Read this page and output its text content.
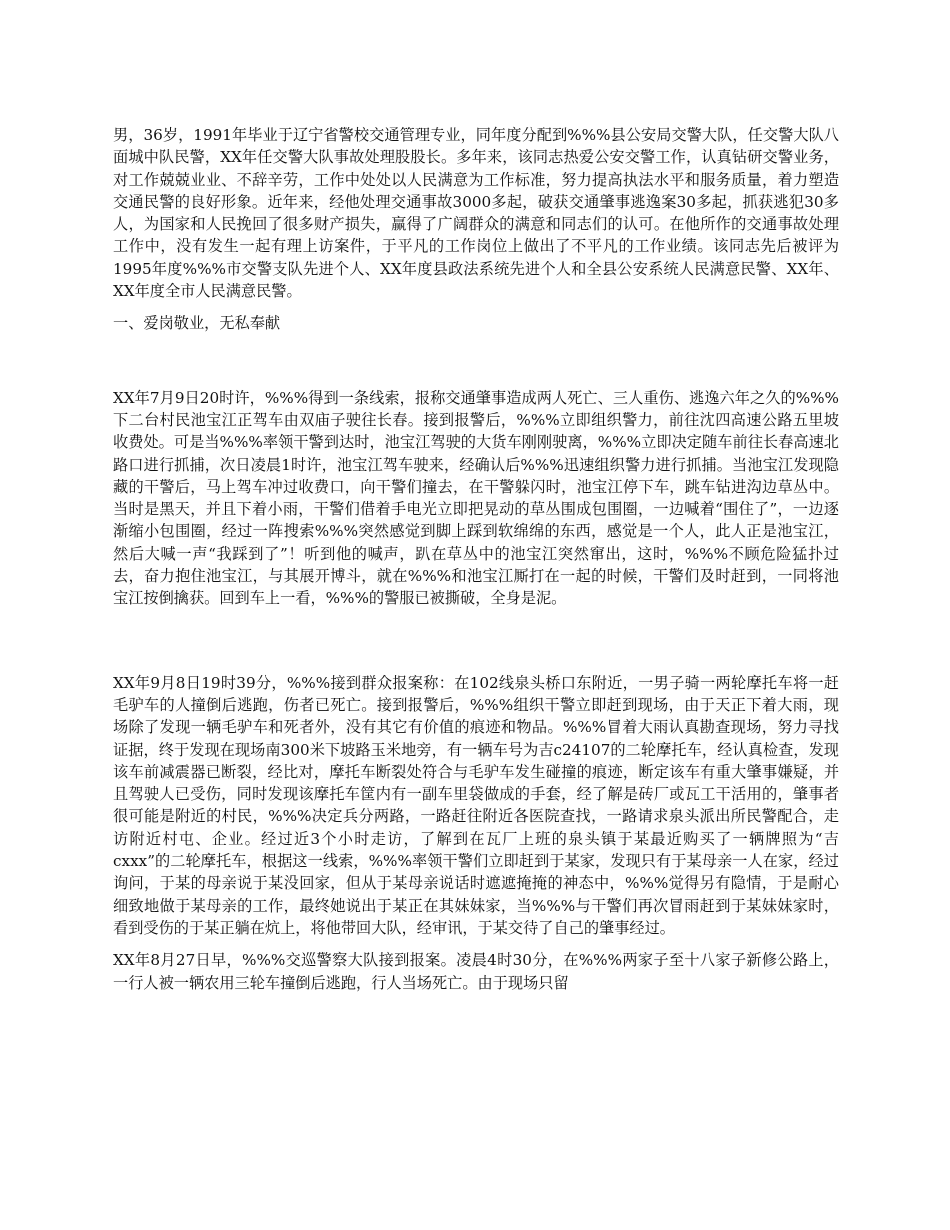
男，36岁，1991年毕业于辽宁省警校交通管理专业，同年度分配到%%%县公安局交警大队，任交警大队八面城中队民警，XX年任交警大队事故处理股股长。多年来，该同志热爱公安交警工作，认真钻研交警业务，对工作兢兢业业、不辞辛劳，工作中处处以人民满意为工作标准，努力提高执法水平和服务质量，着力塑造交通民警的良好形象。近年来，经他处理交通事故3000多起，破获交通肇事逃逸案30多起，抓获逃犯30多人，为国家和人民挽回了很多财产损失，赢得了广阔群众的满意和同志们的认可。在他所作的交通事故处理工作中，没有发生一起有理上访案件，于平凡的工作岗位上做出了不平凡的工作业绩。该同志先后被评为1995年度%%%市交警支队先进个人、XX年度县政法系统先进个人和全县公安系统人民满意民警、XX年、XX年度全市人民满意民警。

一、爱岗敬业，无私奉献

XX年7月9日20时许，%%%得到一条线索，报称交通肇事造成两人死亡、三人重伤、逃逸六年之久的%%%下二台村民池宝江正驾车由双庙子驶往长春。接到报警后，%%%立即组织警力，前往沈四高速公路五里坡收费处。可是当%%%率领干警到达时，池宝江驾驶的大货车刚刚驶离，%%%立即决定随车前往长春高速北路口进行抓捕，次日凌晨1时许，池宝江驾车驶来，经确认后%%%迅速组织警力进行抓捕。当池宝江发现隐藏的干警后，马上驾车冲过收费口，向干警们撞去，在干警躲闪时，池宝江停下车，跳车钻进沟边草丛中。当时是黑天，并且下着小雨，干警们借着手电光立即把晃动的草丛围成包围圈，一边喊着“围住了”，一边逐渐缩小包围圈，经过一阵搜索%%%突然感觉到脚上踩到软绵绵的东西，感觉是一个人，此人正是池宝江，然后大喊一声“我踩到了”！听到他的喊声，趴在草丛中的池宝江突然窜出，这时，%%%不顾危险猛扑过去，奋力抱住池宝江，与其展开博斗，就在%%%和池宝江厮打在一起的时候，干警们及时赶到，一同将池宝江按倒擒获。回到车上一看，%%%的警服已被撕破，全身是泥。

XX年9月8日19时39分，%%%接到群众报案称：在102线泉头桥口东附近，一男子骑一两轮摩托车将一赶毛驴车的人撞倒后逃跑，伤者已死亡。接到报警后，%%%组织干警立即赶到现场，由于天正下着大雨，现场除了发现一辆毛驴车和死者外，没有其它有价值的痕迹和物品。%%%冒着大雨认真勘查现场，努力寻找证据，终于发现在现场南300米下坡路玉米地旁，有一辆车号为吉c24107的二轮摩托车，经认真检查，发现该车前减震器已断裂，经比对，摩托车断裂处符合与毛驴车发生碰撞的痕迹，断定该车有重大肇事嫌疑，并且驾驶人已受伤，同时发现该摩托车筐内有一副车里袋做成的手套，经了解是砖厂或瓦工干活用的，肇事者很可能是附近的村民，%%%决定兵分两路，一路赶往附近各医院查找，一路请求泉头派出所民警配合，走访附近村屯、企业。经过近3个小时走访，了解到在瓦厂上班的泉头镇于某最近购买了一辆牌照为“吉cxxx”的二轮摩托车，根据这一线索，%%%率领干警们立即赶到于某家，发现只有于某母亲一人在家，经过询问，于某的母亲说于某没回家，但从于某母亲说话时遮遮掩掩的神态中，%%%觉得另有隐情，于是耐心细致地做于某母亲的工作，最终她说出于某正在其妹妹家，当%%%与干警们再次冒雨赶到于某妹妹家时，看到受伤的于某正躺在炕上，将他带回大队，经审讯，于某交待了自己的肇事经过。

XX年8月27日早，%%%交巡警察大队接到报案。凌晨4时30分，在%%%两家子至十八家子新修公路上，一行人被一辆农用三轮车撞倒后逃跑，行人当场死亡。由于现场只留
